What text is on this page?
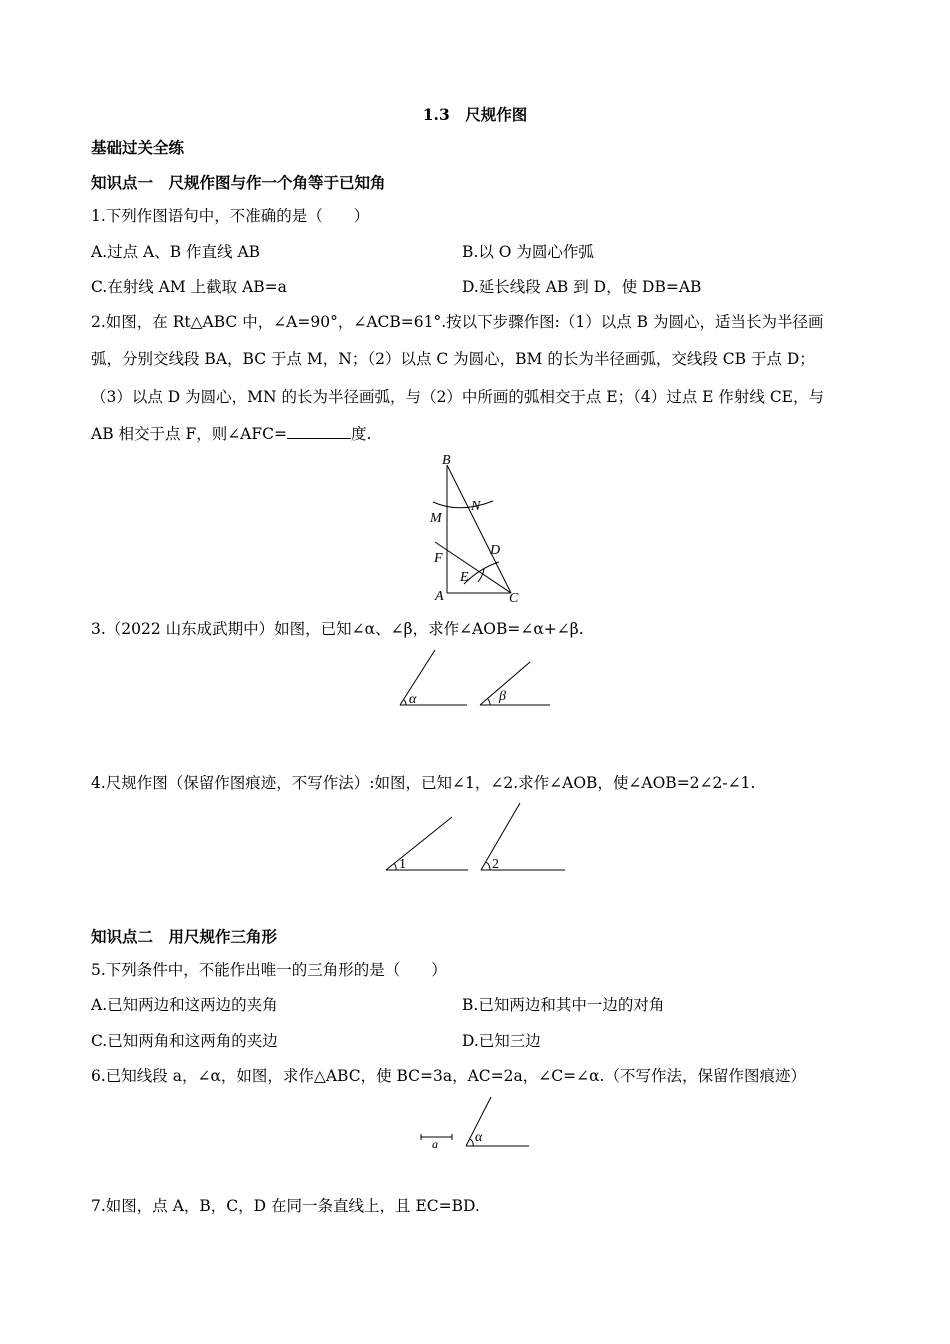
1.3　尺规作图
基础过关全练
知识点一　尺规作图与作一个角等于已知角
1.下列作图语句中，不准确的是（　　）
A.过点 A、B 作直线 AB	B.以 O 为圆心作弧
C.在射线 AM 上截取 AB=a	D.延长线段 AB 到 D，使 DB=AB
2.如图，在 Rt△ABC 中，∠A=90°，∠ACB=61°.按以下步骤作图:（1）以点 B 为圆心，适当长为半径画
弧，分别交线段 BA，BC 于点 M，N；（2）以点 C 为圆心，BM 的长为半径画弧，交线段 CB 于点 D；
（3）以点 D 为圆心，MN 的长为半径画弧，与（2）中所画的弧相交于点 E；（4）过点 E 作射线 CE，与
AB 相交于点 F，则∠AFC=	度.
B
N
M
D
F
E
A	C
3.（2022 山东成武期中）如图，已知∠α、∠β，求作∠AOB=∠α+∠β.
α	β
4.尺规作图（保留作图痕迹，不写作法）:如图，已知∠1，∠2.求作∠AOB，使∠AOB=2∠2-∠1.
1	2
知识点二　用尺规作三角形
5.下列条件中，不能作出唯一的三角形的是（　　）
A.已知两边和这两边的夹角	B.已知两边和其中一边的对角
C.已知两角和这两角的夹边	D.已知三边
6.已知线段 a，∠α，如图，求作△ABC，使 BC=3a，AC=2a，∠C=∠α.（不写作法，保留作图痕迹）
a	α
7.如图，点 A，B，C，D 在同一条直线上，且 EC=BD.
